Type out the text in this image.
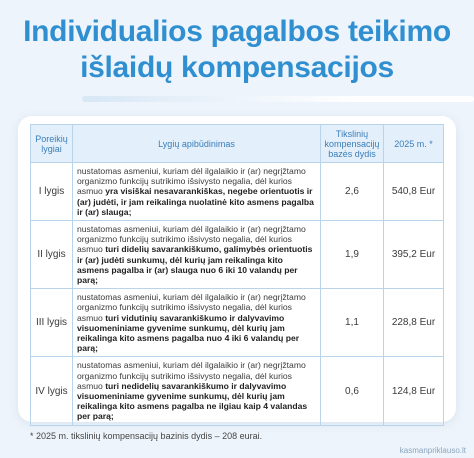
Individualios pagalbos teikimo
išlaidų kompensacijos
Poreikių lygiai	Lygių apibūdinimas	Tikslinių kompensacijų bazės dydis	2025 m. *
I lygis	nustatomas asmeniui, kuriam dėl ilgalaikio ir (ar) negrįžtamo organizmo funkcijų sutrikimo išsivysto negalia, dėl kurios asmuo yra visiškai nesavarankiškas, negebe orientuotis ir (ar) judėti, ir jam reikalinga nuolatinė kito asmens pagalba ir (ar) slauga;	2,6	540,8 Eur
II lygis	nustatomas asmeniui, kuriam dėl ilgalaikio ir (ar) negrįžtamo organizmo funkcijų sutrikimo išsivysto negalia, dėl kurios asmuo turi didelių savarankiškumo, galimybės orientuotis ir (ar) judėti sunkumų, dėl kurių jam reikalinga kito asmens pagalba ir (ar) slauga nuo 6 iki 10 valandų per parą;	1,9	395,2 Eur
III lygis	nustatomas asmeniui, kuriam dėl ilgalaikio ir (ar) negrįžtamo organizmo funkcijų sutrikimo išsivysto negalia, dėl kurios asmuo turi vidutinių savarankiškumo ir dalyvavimo visuomeniniame gyvenime sunkumų, dėl kurių jam reikalinga kito asmens pagalba nuo 4 iki 6 valandų per parą;	1,1	228,8 Eur
IV lygis	nustatomas asmeniui, kuriam dėl ilgalaikio ir (ar) negrįžtamo organizmo funkcijų sutrikimo išsivysto negalia, dėl kurios asmuo turi nedidelių savarankiškumo ir dalyvavimo visuomeniniame gyvenime sunkumų, dėl kurių jam reikalinga kito asmens pagalba ne ilgiau kaip 4 valandas per parą;	0,6	124,8 Eur
* 2025 m. tikslinių kompensacijų bazinis dydis – 208 eurai.
kasmanpriklauso.lt
